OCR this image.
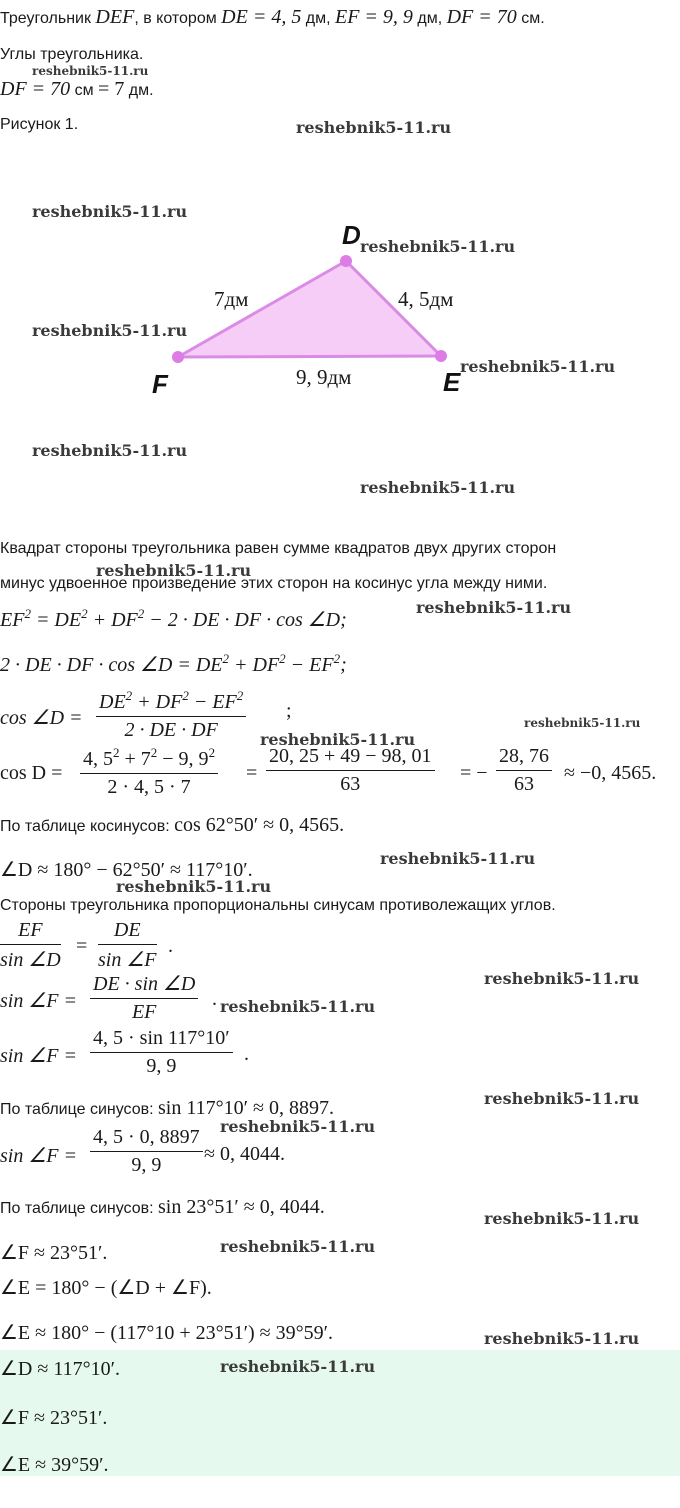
Треугольник DEF, в котором DE = 4, 5 дм, EF = 9, 9 дм, DF = 70 см.
Углы треугольника.
DF = 70 см = 7 дм.
Рисунок 1.
D
E
F
7дм	4, 5дм
9, 9дм
Квадрат стороны треугольника равен сумме квадратов двух других сторон
минус удвоенное произведение этих сторон на косинус угла между ними.
$EF^2 = DE^2 + DF^2 - 2$ · DE · DF · cos ∠D;
2 · DE · DF · cos ∠D = $DE^2 + DF^2 - EF^2$;
cos ∠D = $\frac{DE^2 + DF^2 - EF^2}{2 \cdot DE \cdot DF}$ ;
$\cos D = \frac{4, 5^2 + 7^2 - 9, 9^2}{2 \cdot 4, 5 \cdot 7} = \frac{20, 25 + 49 - 98, 01}{63}$ = − $\frac{28, 76}{63} \approx -0$, 4565.
По таблице косинусов: cos 62°50′ ≈ 0, 4565.
∠D ≈ 180° − 62°50′ ≈ 117°10′.
Стороны треугольника пропорциональны синусам противолежащих углов.
$\frac{EF}{\sin \angle D} = \frac{DE}{\sin \angle F}$ .
sin ∠F = $\frac{DE \cdot \sin \angle D}{EF}$ .
sin ∠F = $\frac{4, 5 \cdot \sin 117^\circ 10'}{9, 9}$ .
По таблице синусов: sin 117°10′ ≈ 0, 8897.
sin ∠F = $\frac{4, 5 \cdot 0, 8897}{9, 9} \approx 0$, 4044.
По таблице синусов: sin 23°51′ ≈ 0, 4044.
∠F ≈ 23°51′.
∠E = 180° − (∠D + ∠F).
∠E ≈ 180° − (117°10 + 23°51′) ≈ 39°59′.
∠D ≈ 117°10′.
∠F ≈ 23°51′.
∠E ≈ 39°59′.
reshebnik5-11.ru
reshebnik5-11.ru
reshebnik5-11.ru
reshebnik5-11.ru
reshebnik5-11.ru
reshebnik5-11.ru
reshebnik5-11.ru
reshebnik5-11.ru
reshebnik5-11.ru
reshebnik5-11.ru
reshebnik5-11.ru
reshebnik5-11.ru
reshebnik5-11.ru
reshebnik5-11.ru
reshebnik5-11.ru
reshebnik5-11.ru
reshebnik5-11.ru
reshebnik5-11.ru
reshebnik5-11.ru
reshebnik5-11.ru
reshebnik5-11.ru
reshebnik5-11.ru
